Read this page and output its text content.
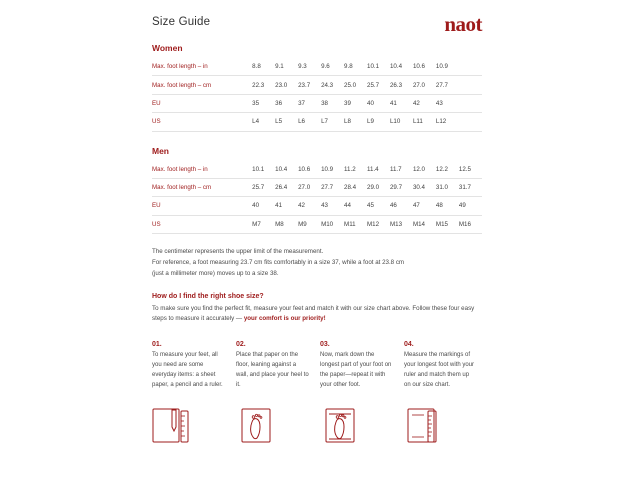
Size Guide	naot
Women
Max. foot length – in	8.8	9.1	9.3	9.6	9.8	10.1	10.4	10.6	10.9	
Max. foot length – cm	22.3	23.0	23.7	24.3	25.0	25.7	26.3	27.0	27.7	
EU	35	36	37	38	39	40	41	42	43	
US	L4	L5	L6	L7	L8	L9	L10	L11	L12	
Men
Max. foot length – in	10.1	10.4	10.6	10.9	11.2	11.4	11.7	12.0	12.2	12.5
Max. foot length – cm	25.7	26.4	27.0	27.7	28.4	29.0	29.7	30.4	31.0	31.7
EU	40	41	42	43	44	45	46	47	48	49
US	M7	M8	M9	M10	M11	M12	M13	M14	M15	M16
The centimeter represents the upper limit of the measurement.
For reference, a foot measuring 23.7 cm fits comfortably in a size 37, while a foot at 23.8 cm
(just a millimeter more) moves up to a size 38.
How do I find the right shoe size?
To make sure you find the perfect fit, measure your feet and match it with our size chart above. Follow these four easy steps to measure it accurately — your comfort is our priority!
01.
To measure your feet, all you need are some everyday items: a sheet paper, a pencil and a ruler.
02.
Place that paper on the floor, leaning against a wall, and place your heel to it.
03.
Now, mark down the longest part of your foot on the paper—repeat it with your other foot.
04.
Measure the markings of your longest foot with your ruler and match them up on our size chart.
